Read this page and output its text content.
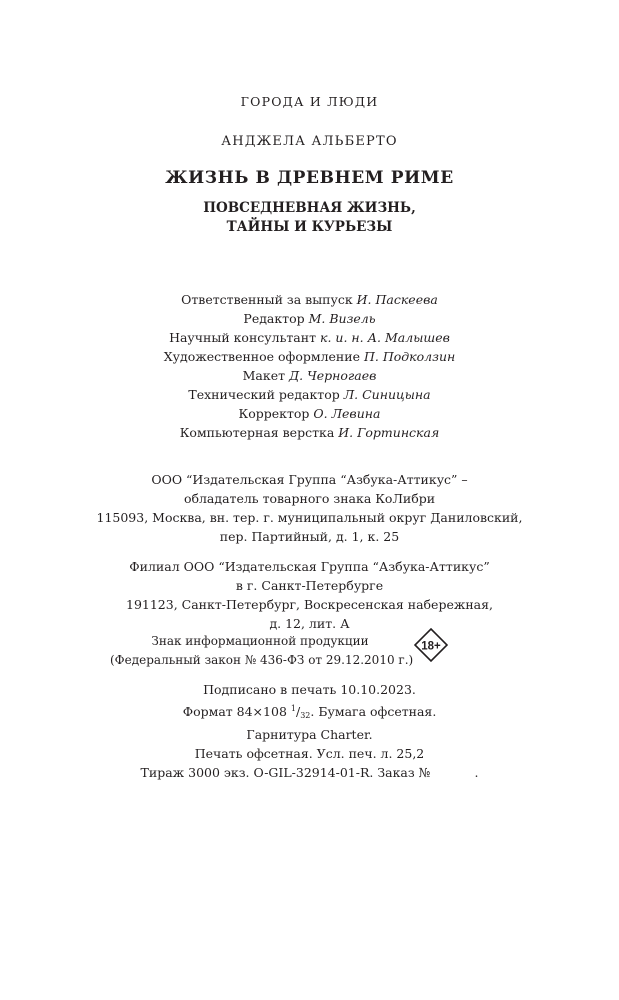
ГОРОДА И ЛЮДИ
АНДЖЕЛА АЛЬБЕРТО
ЖИЗНЬ В ДРЕВНЕМ РИМЕ
ПОВСЕДНЕВНАЯ ЖИЗНЬ,
ТАЙНЫ И КУРЬЕЗЫ
Ответственный за выпуск И. Паскеева
Редактор М. Визель
Научный консультант к. и. н. А. Малышев
Художественное оформление П. Подколзин
Макет Д. Черногаев
Технический редактор Л. Синицына
Корректор О. Левина
Компьютерная верстка И. Гортинская
ООО “Издательская Группа “Азбука-Аттикус” –
обладатель товарного знака КоЛибри
115093, Москва, вн. тер. г. муниципальный округ Даниловский,
пер. Партийный, д. 1, к. 25
Филиал ООО “Издательская Группа “Азбука-Аттикус”
в г. Санкт-Петербурге
191123, Санкт-Петербург, Воскресенская набережная,
д. 12, лит. А
Знак информационной продукции
(Федеральный закон № 436-ФЗ от 29.12.2010 г.)
18+
Подписано в печать 10.10.2023.
Формат 84×108 $^1/_{32}$. Бумага офсетная.
Гарнитура Charter.
Печать офсетная. Усл. печ. л. 25,2
Тираж 3000 экз. O-GIL-32914-01-R. Заказ №	.
